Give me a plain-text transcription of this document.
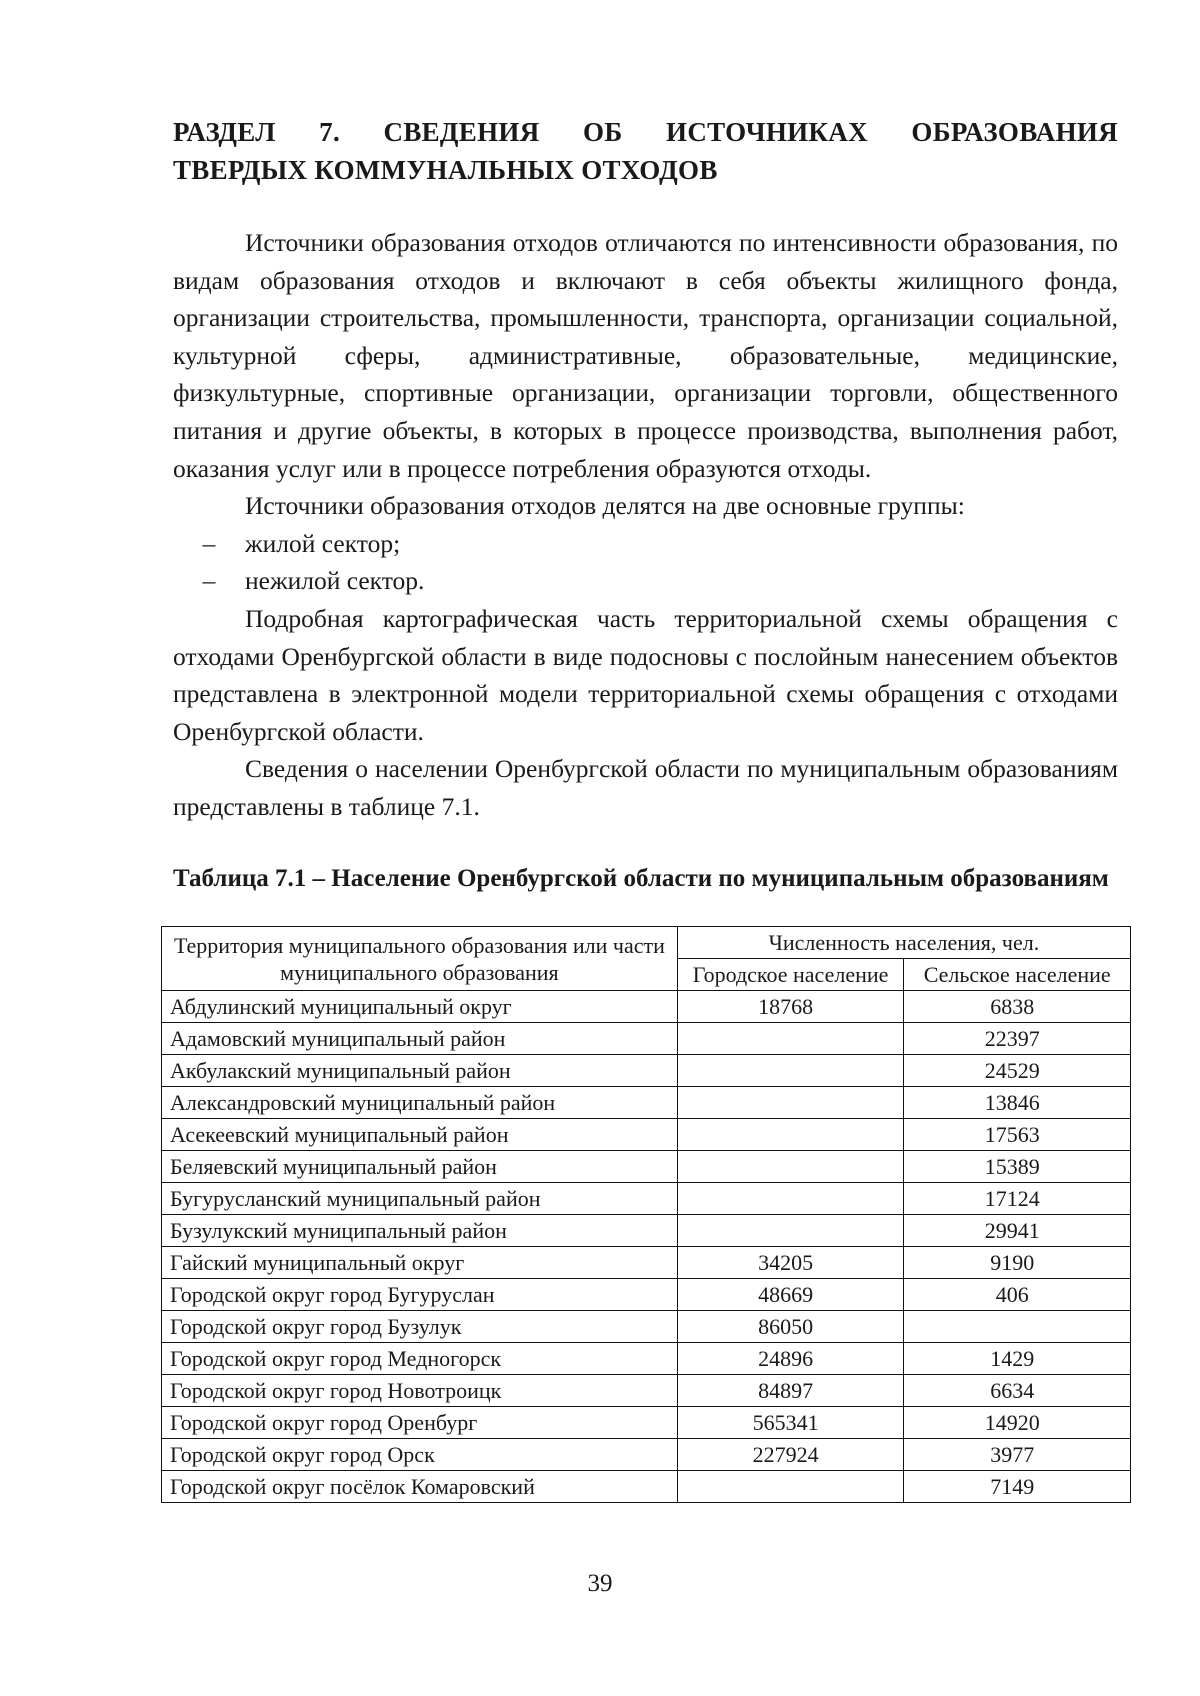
РАЗДЕЛ 7. СВЕДЕНИЯ ОБ ИСТОЧНИКАХ ОБРАЗОВАНИЯ
ТВЕРДЫХ КОММУНАЛЬНЫХ ОТХОДОВ

Источники образования отходов отличаются по интенсивности образования, по видам образования отходов и включают в себя объекты жилищного фонда, организации строительства, промышленности, транспорта, организации социальной, культурной сферы, административные, образовательные, медицинские, физкультурные, спортивные организации, организации торговли, общественного питания и другие объекты, в которых в процессе производства, выполнения работ, оказания услуг или в процессе потребления образуются отходы.

Источники образования отходов делятся на две основные группы:

–	жилой сектор;
–	нежилой сектор.

Подробная картографическая часть территориальной схемы обращения с отходами Оренбургской области в виде подосновы с послойным нанесением объектов представлена в электронной модели территориальной схемы обращения с отходами Оренбургской области.

Сведения о населении Оренбургской области по муниципальным образованиям представлены в таблице 7.1.

Таблица 7.1 – Население Оренбургской области по муниципальным образованиям
Территория муниципального образования или части муниципального образования	Численность населения, чел.	
	Городское население	Сельское население
Абдулинский муниципальный округ	18768	6838
Адамовский муниципальный район		22397
Акбулакский муниципальный район		24529
Александровский муниципальный район		13846
Асекеевский муниципальный район		17563
Беляевский муниципальный район		15389
Бугурусланский муниципальный район		17124
Бузулукский муниципальный район		29941
Гайский муниципальный округ	34205	9190
Городской округ город Бугуруслан	48669	406
Городской округ город Бузулук	86050	
Городской округ город Медногорск	24896	1429
Городской округ город Новотроицк	84897	6634
Городской округ город Оренбург	565341	14920
Городской округ город Орск	227924	3977
Городской округ посёлок Комаровский		7149
39
